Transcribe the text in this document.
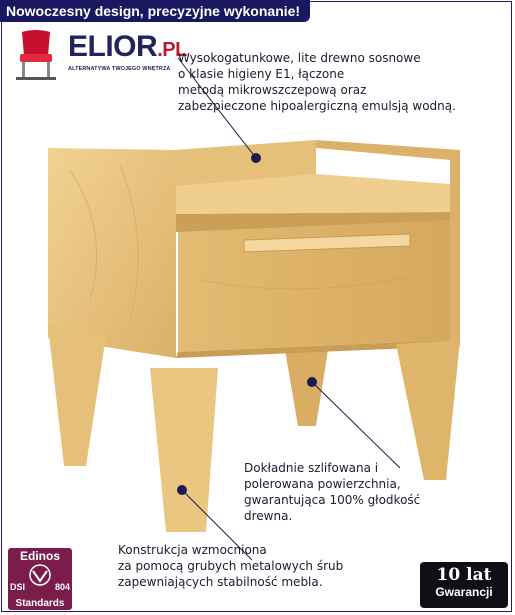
Nowoczesny design, precyzyjne wykonanie!
ELIOR.PL
ALTERNATYWA TWOJEGO WNĘTRZA
Wysokogatunkowe, lite drewno sosnowe
o klasie higieny E1, łączone
metodą mikrowszczepową oraz
zabezpieczone hipoalergiczną emulsją wodną.
Dokładnie szlifowana i
polerowana powierzchnia,
gwarantująca 100% głodkość
drewna.
Konstrukcja wzmocniona
za pomocą grubych metalowych śrub
zapewniających stabilność mebla.
Edinos
DSI	804
Standards
10 lat
Gwarancji
